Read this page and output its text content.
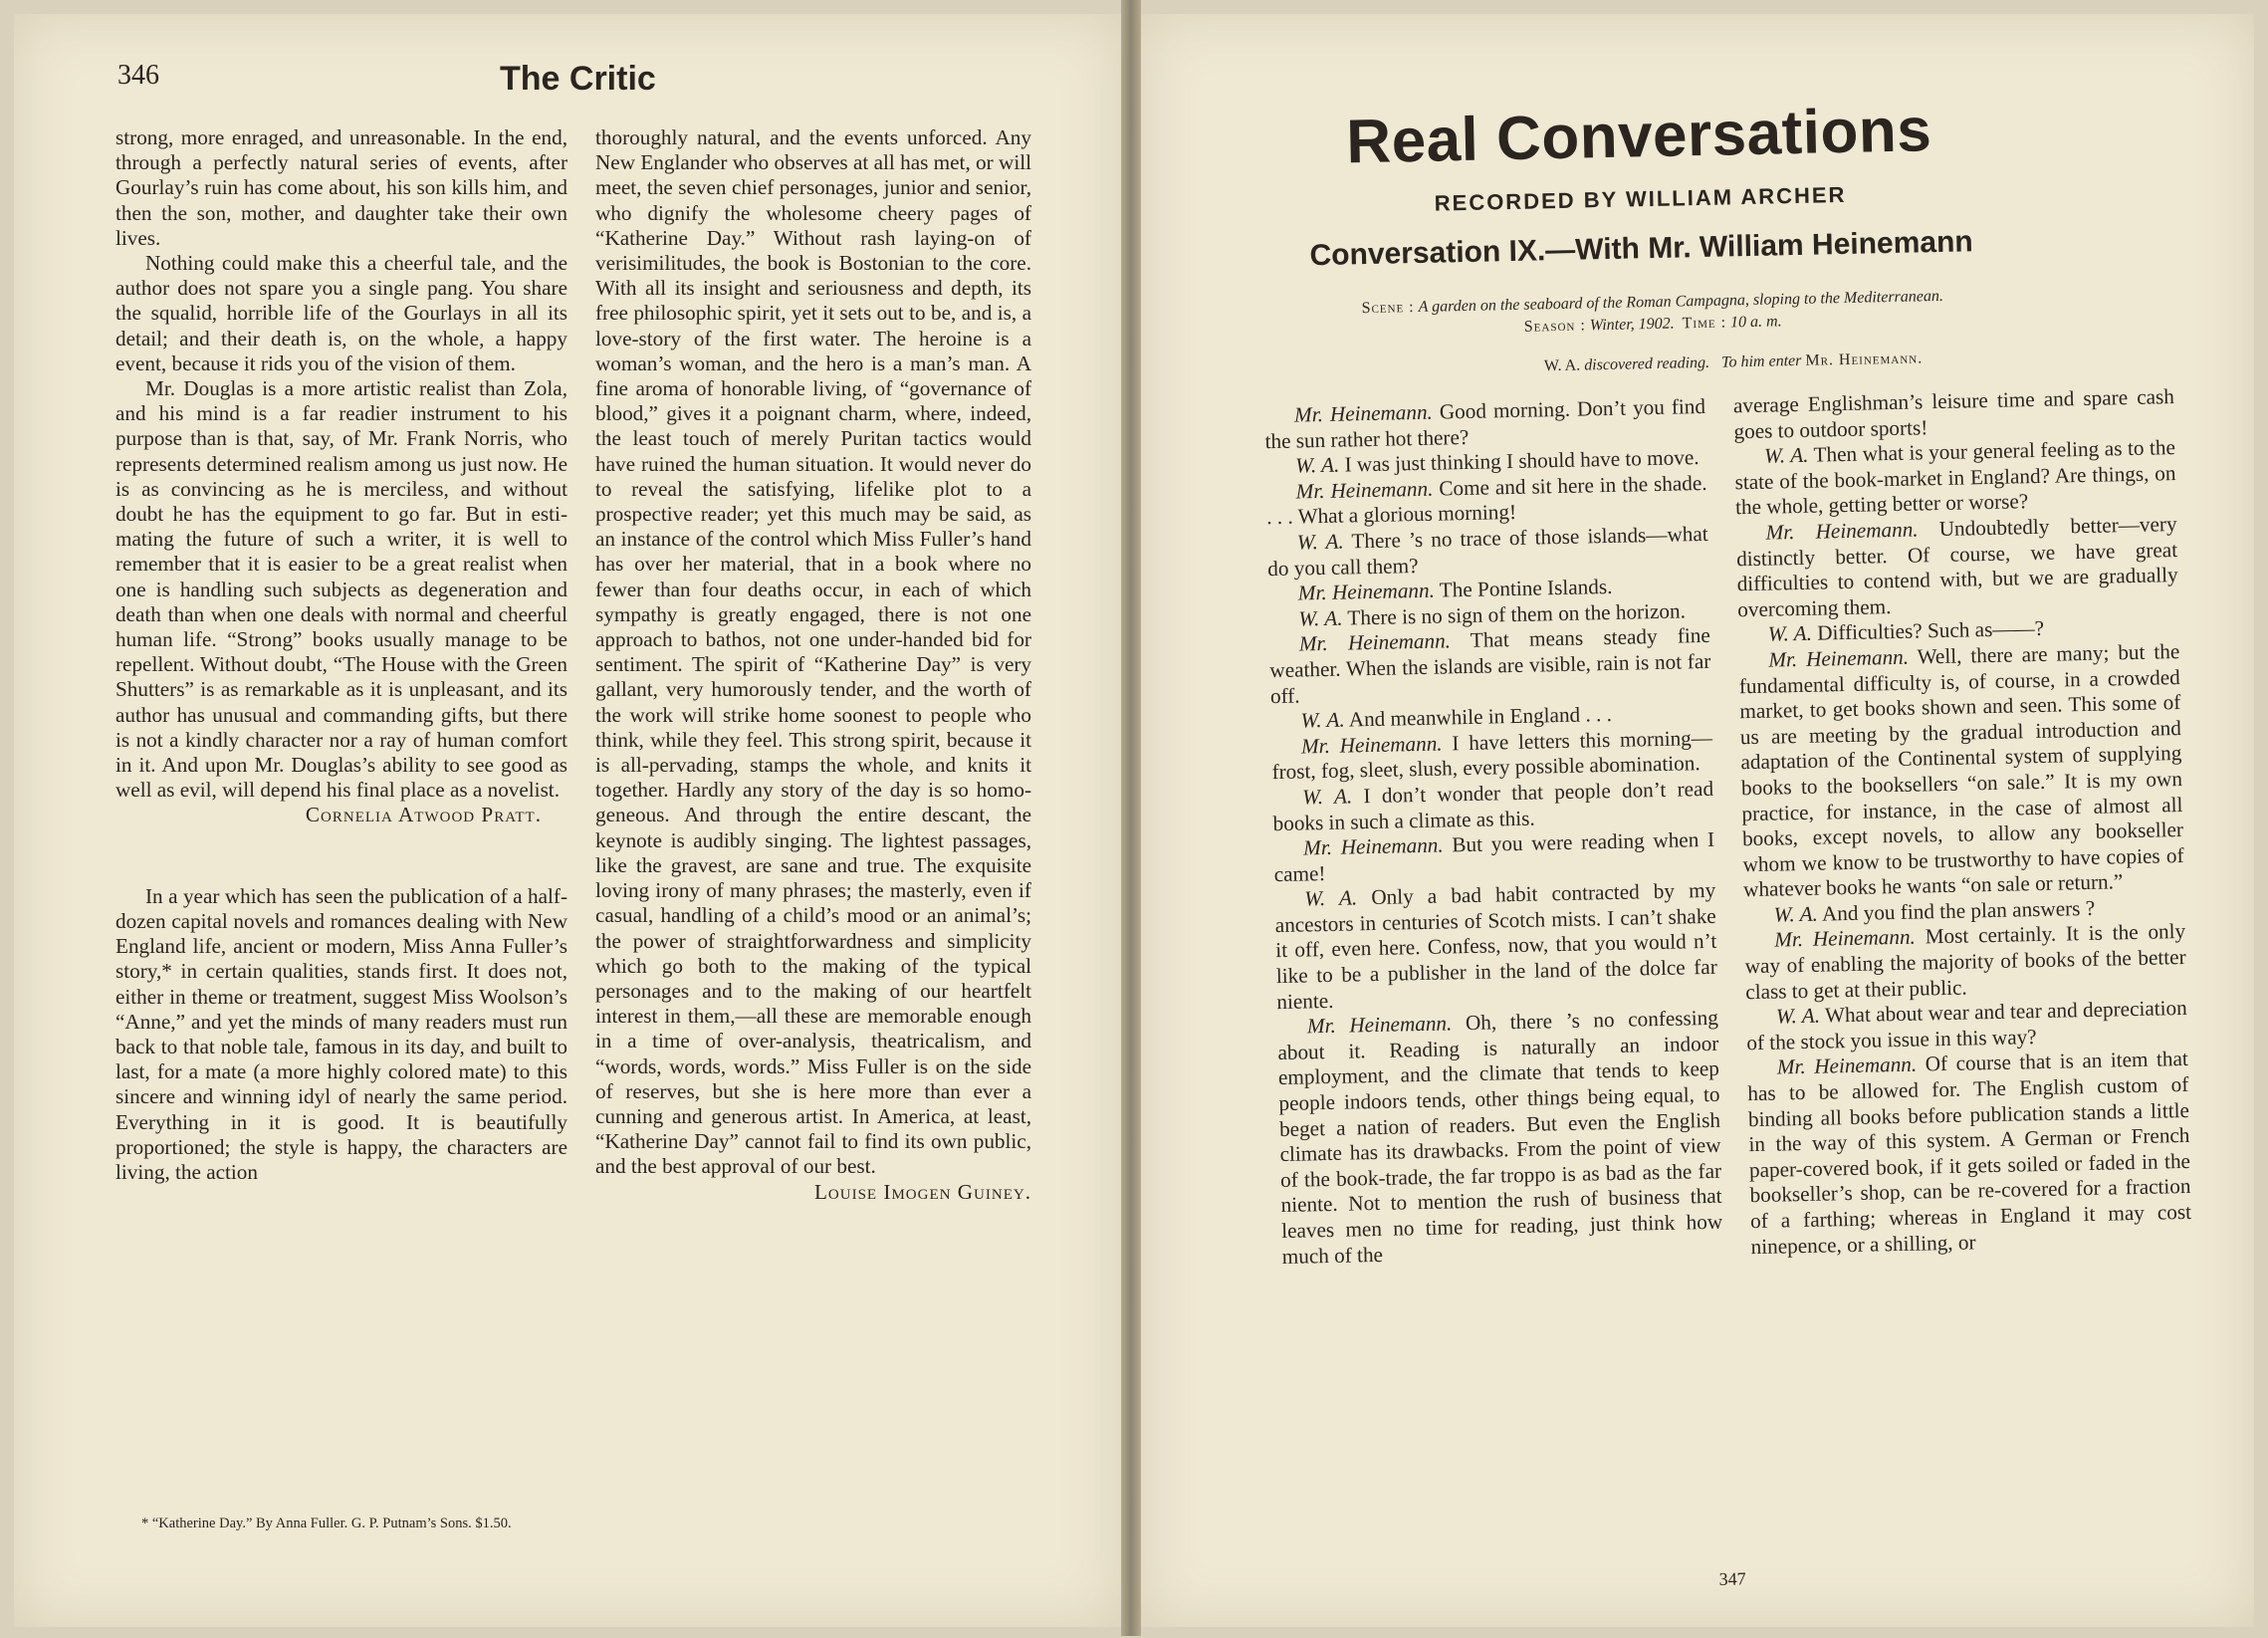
346	The Critic

strong, more enraged, and unreasonable. In the end, through a perfectly natural series of events, after Gourlay’s ruin has come about, his son kills him, and then the son, mother, and daughter take their own lives.

Nothing could make this a cheerful tale, and the author does not spare you a single pang. You share the squalid, horrible life of the Gourlays in all its detail; and their death is, on the whole, a happy event, because it rids you of the vision of them.

Mr. Douglas is a more artistic realist than Zola, and his mind is a far readier instrument to his purpose than is that, say, of Mr. Frank Norris, who represents determined realism among us just now. He is as convincing as he is merciless, and without doubt he has the equipment to go far. But in estimating the future of such a writer, it is well to remember that it is easier to be a great realist when one is handling such subjects as degeneration and death than when one deals with normal and cheerful human life. “Strong” books usually manage to be repellent. Without doubt, “The House with the Green Shutters” is as remarkable as it is unpleasant, and its author has unusual and commanding gifts, but there is not a kindly character nor a ray of human comfort in it. And upon Mr. Douglas’s ability to see good as well as evil, will depend his final place as a novelist.

Cornelia Atwood Pratt.

In a year which has seen the publication of a half-dozen capital novels and romances dealing with New England life, ancient or modern, Miss Anna Fuller’s story,* in certain qualities, stands first. It does not, either in theme or treatment, suggest Miss Woolson’s “Anne,” and yet the minds of many readers must run back to that noble tale, famous in its day, and built to last, for a mate (a more highly colored mate) to this sincere and winning idyl of nearly the same period. Everything in it is good. It is beautifully proportioned; the style is happy, the characters are living, the action

* “Katherine Day.” By Anna Fuller. G. P. Putnam’s Sons. $1.50.

thoroughly natural, and the events unforced. Any New Englander who observes at all has met, or will meet, the seven chief personages, junior and senior, who dignify the wholesome cheery pages of “Katherine Day.” Without rash laying-on of verisimilitudes, the book is Bostonian to the core. With all its insight and seriousness and depth, its free philosophic spirit, yet it sets out to be, and is, a love-story of the first water. The heroine is a woman’s woman, and the hero is a man’s man. A fine aroma of honorable living, of “governance of blood,” gives it a poignant charm, where, indeed, the least touch of merely Puritan tactics would have ruined the human situation. It would never do to reveal the satisfying, lifelike plot to a prospective reader; yet this much may be said, as an instance of the control which Miss Fuller’s hand has over her material, that in a book where no fewer than four deaths occur, in each of which sympathy is greatly engaged, there is not one approach to bathos, not one under-handed bid for sentiment. The spirit of “Katherine Day” is very gallant, very humorously tender, and the worth of the work will strike home soonest to people who think, while they feel. This strong spirit, because it is all-pervading, stamps the whole, and knits it together. Hardly any story of the day is so homogeneous. And through the entire descant, the keynote is audibly singing. The lightest passages, like the gravest, are sane and true. The exquisite loving irony of many phrases; the masterly, even if casual, handling of a child’s mood or an animal’s; the power of straightforwardness and simplicity which go both to the making of the typical personages and to the making of our heartfelt interest in them,—all these are memorable enough in a time of over-analysis, theatricalism, and “words, words, words.” Miss Fuller is on the side of reserves, but she is here more than ever a cunning and generous artist. In America, at least, “Katherine Day” cannot fail to find its own public, and the best approval of our best.

Louise Imogen Guiney.
Real Conversations
RECORDED BY WILLIAM ARCHER
Conversation IX.—With Mr. William Heinemann
Scene : A garden on the seaboard of the Roman Campagna, sloping to the Mediterranean.
Season : Winter, 1902. Time : 10 a. m.
W. A. discovered reading. To him enter Mr. Heinemann.

Mr. Heinemann. Good morning. Don’t you find the sun rather hot there?

W. A. I was just thinking I should have to move.

Mr. Heinemann. Come and sit here in the shade. . . . What a glorious morning!

W. A. There ’s no trace of those islands—what do you call them?

Mr. Heinemann. The Pontine Islands.

W. A. There is no sign of them on the horizon.

Mr. Heinemann. That means steady fine weather. When the islands are visible, rain is not far off.

W. A. And meanwhile in England . . .

Mr. Heinemann. I have letters this morning—frost, fog, sleet, slush, every possible abomination.

W. A. I don’t wonder that people don’t read books in such a climate as this.

Mr. Heinemann. But you were reading when I came!

W. A. Only a bad habit contracted by my ancestors in centuries of Scotch mists. I can’t shake it off, even here. Confess, now, that you would n’t like to be a publisher in the land of the dolce far niente.

Mr. Heinemann. Oh, there ’s no confessing about it. Reading is naturally an indoor employment, and the climate that tends to keep people indoors tends, other things being equal, to beget a nation of readers. But even the English climate has its drawbacks. From the point of view of the book-trade, the far troppo is as bad as the far niente. Not to mention the rush of business that leaves men no time for reading, just think how much of the

average Englishman’s leisure time and spare cash goes to outdoor sports!

W. A. Then what is your general feeling as to the state of the book-market in England? Are things, on the whole, getting better or worse?

Mr. Heinemann. Undoubtedly better—very distinctly better. Of course, we have great difficulties to contend with, but we are gradually overcoming them.

W. A. Difficulties? Such as——?

Mr. Heinemann. Well, there are many; but the fundamental difficulty is, of course, in a crowded market, to get books shown and seen. This some of us are meeting by the gradual introduction and adaptation of the Continental system of supplying books to the booksellers “on sale.” It is my own practice, for instance, in the case of almost all books, except novels, to allow any bookseller whom we know to be trustworthy to have copies of whatever books he wants “on sale or return.”

W. A. And you find the plan answers ?

Mr. Heinemann. Most certainly. It is the only way of enabling the majority of books of the better class to get at their public.

W. A. What about wear and tear and depreciation of the stock you issue in this way?

Mr. Heinemann. Of course that is an item that has to be allowed for. The English custom of binding all books before publication stands a little in the way of this system. A German or French paper-covered book, if it gets soiled or faded in the bookseller’s shop, can be re-covered for a fraction of a farthing; whereas in England it may cost ninepence, or a shilling, or

347
